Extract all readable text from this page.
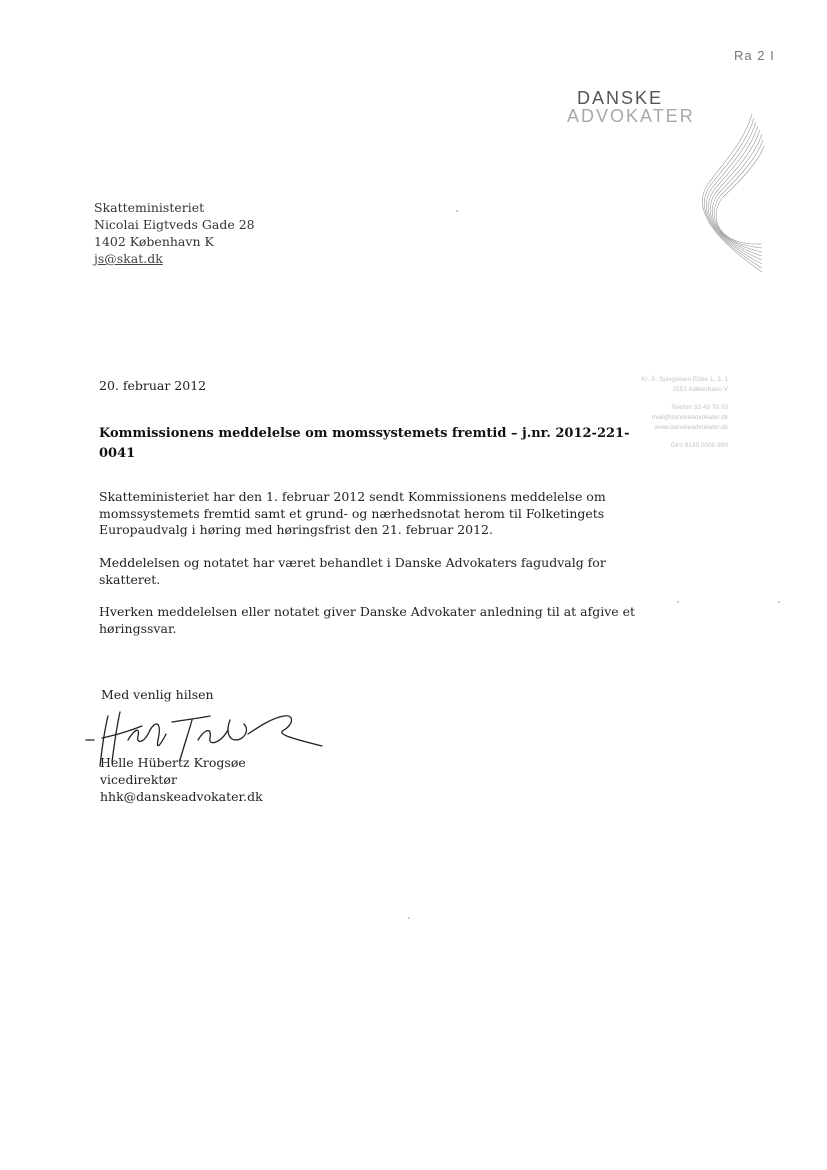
Ra 2 I
DANSKE
ADVOKATER
Skatteministeriet
Nicolai Eigtveds Gade 28
1402 København K
js@skat.dk
Kr. Å. Spiegelsen Ebbe 1, 3. 1
1551 København V
Telefon 33 43 70 00
mail@danskeadvokater.dk
www.danskeadvokater.dk
Giro 8135 0000 999
20. februar 2012
Kommissionens meddelelse om momssystemets fremtid – j.nr. 2012-221-
0041
Skatteministeriet har den 1. februar 2012 sendt Kommissionens meddelelse om
momssystemets fremtid samt et grund- og nærhedsnotat herom til Folketingets
Europaudvalg i høring med høringsfrist den 21. februar 2012.
Meddelelsen og notatet har været behandlet i Danske Advokaters fagudvalg for
skatteret.
Hverken meddelelsen eller notatet giver Danske Advokater anledning til at afgive et
høringssvar.
Med venlig hilsen
Helle Hübertz Krogsøe
vicedirektør
hhk@danskeadvokater.dk
